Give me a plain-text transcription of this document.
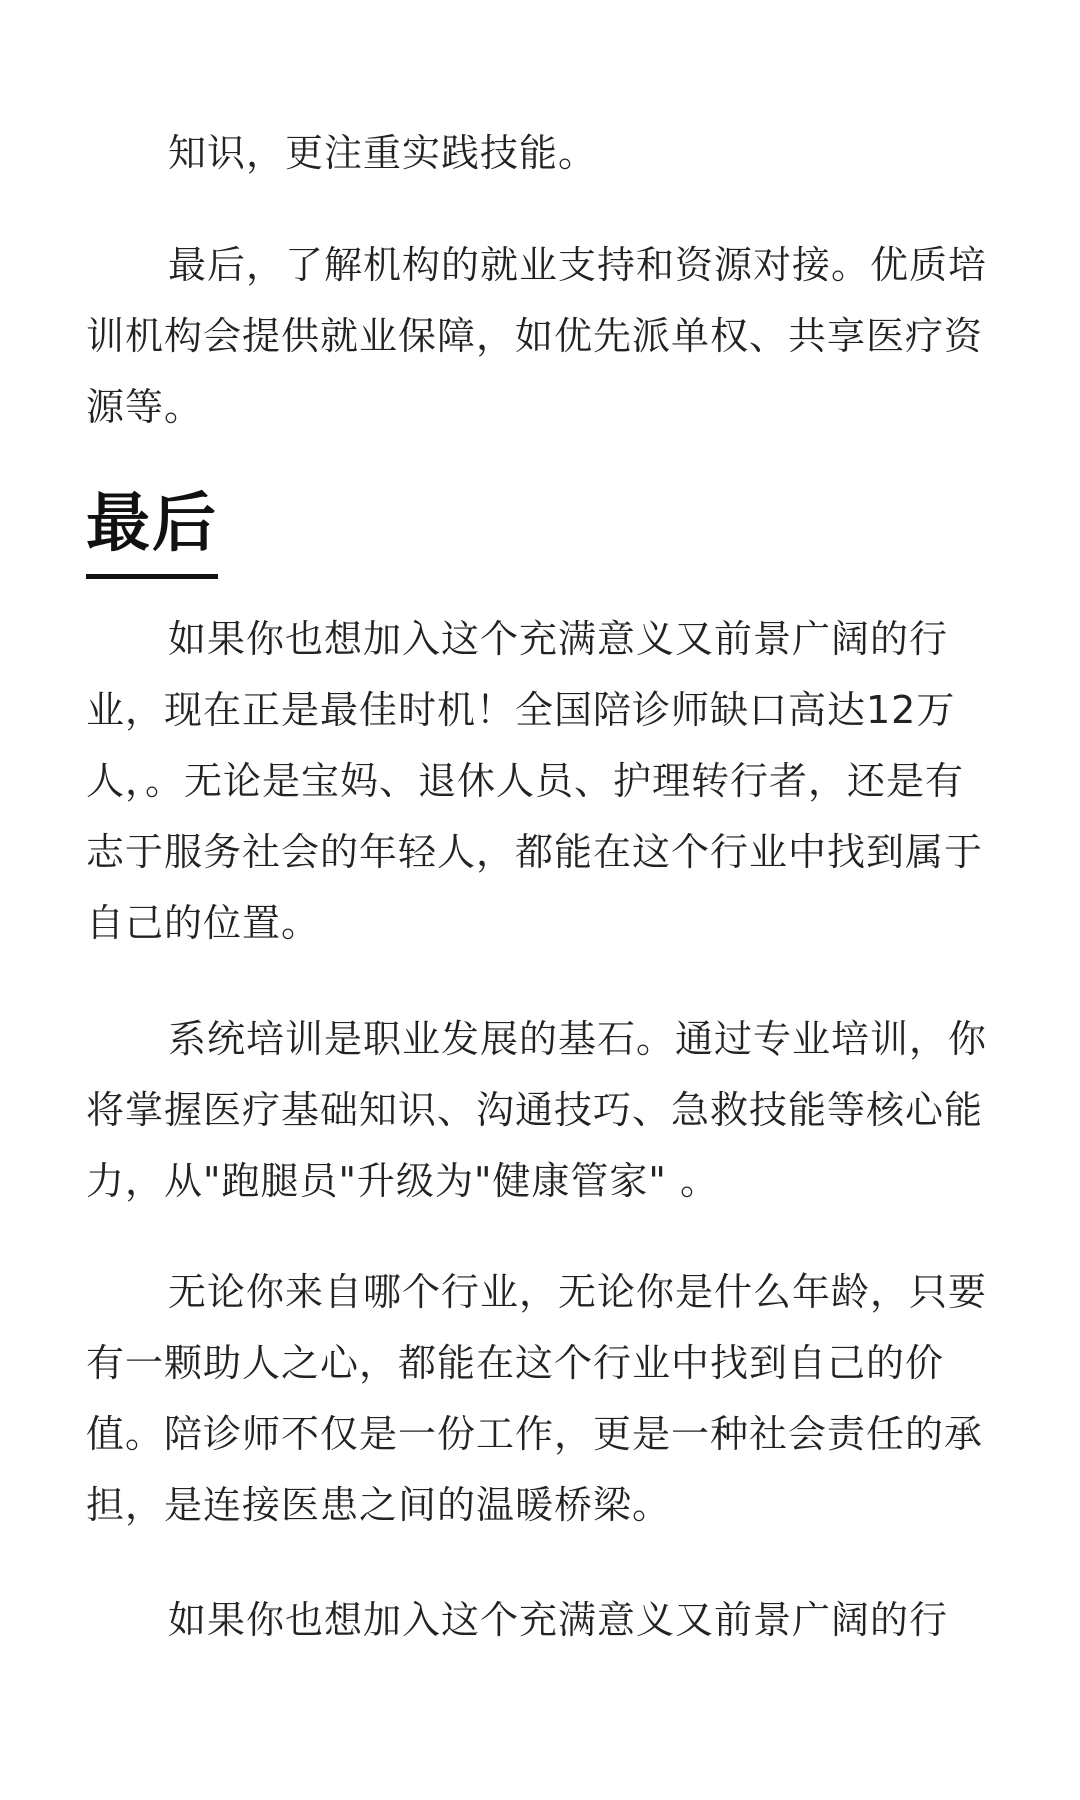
知识，更注重实践技能。

最后，了解机构的就业支持和资源对接。优质培训机构会提供就业保障，如优先派单权、共享医疗资源等。

最后

如果你也想加入这个充满意义又前景广阔的行业，现在正是最佳时机！全国陪诊师缺口高达12万人，。无论是宝妈、退休人员、护理转行者，还是有志于服务社会的年轻人，都能在这个行业中找到属于自己的位置。

系统培训是职业发展的基石。通过专业培训，你将掌握医疗基础知识、沟通技巧、急救技能等核心能力，从"跑腿员"升级为"健康管家" 。

无论你来自哪个行业，无论你是什么年龄，只要有一颗助人之心，都能在这个行业中找到自己的价值。陪诊师不仅是一份工作，更是一种社会责任的承担，是连接医患之间的温暖桥梁。

如果你也想加入这个充满意义又前景广阔的行
